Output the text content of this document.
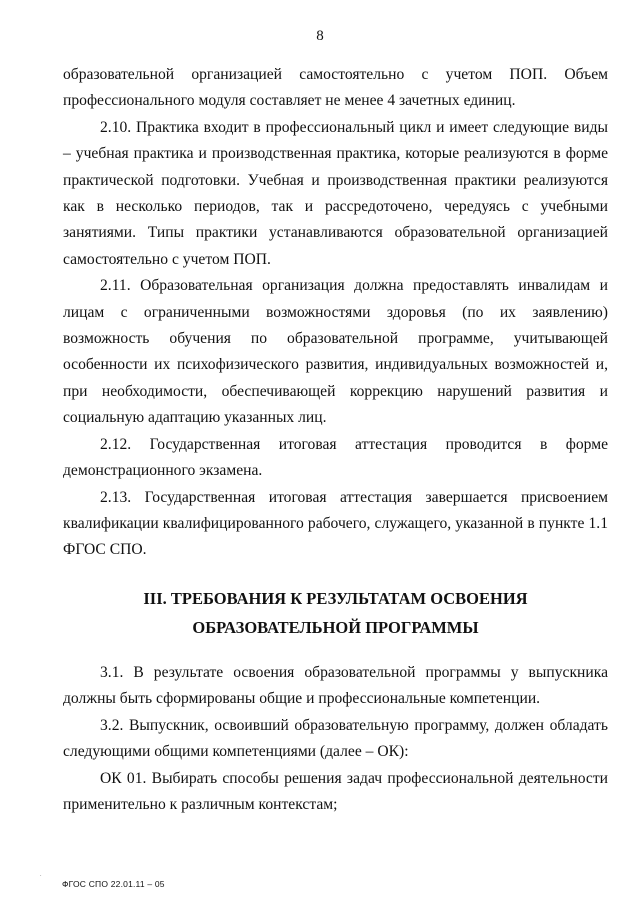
8

образовательной организацией самостоятельно с учетом ПОП. Объем профессионального модуля составляет не менее 4 зачетных единиц.

2.10. Практика входит в профессиональный цикл и имеет следующие виды – учебная практика и производственная практика, которые реализуются в форме практической подготовки. Учебная и производственная практики реализуются как в несколько периодов, так и рассредоточено, чередуясь с учебными занятиями. Типы практики устанавливаются образовательной организацией самостоятельно с учетом ПОП.

2.11. Образовательная организация должна предоставлять инвалидам и лицам с ограниченными возможностями здоровья (по их заявлению) возможность обучения по образовательной программе, учитывающей особенности их психофизического развития, индивидуальных возможностей и, при необходимости, обеспечивающей коррекцию нарушений развития и социальную адаптацию указанных лиц.

2.12. Государственная итоговая аттестация проводится в форме демонстрационного экзамена.

2.13. Государственная итоговая аттестация завершается присвоением квалификации квалифицированного рабочего, служащего, указанной в пункте 1.1 ФГОС СПО.

III. ТРЕБОВАНИЯ К РЕЗУЛЬТАТАМ ОСВОЕНИЯ ОБРАЗОВАТЕЛЬНОЙ ПРОГРАММЫ

3.1. В результате освоения образовательной программы у выпускника должны быть сформированы общие и профессиональные компетенции.

3.2. Выпускник, освоивший образовательную программу, должен обладать следующими общими компетенциями (далее – ОК):

ОК 01. Выбирать способы решения задач профессиональной деятельности применительно к различным контекстам;

.
ФГОС СПО 22.01.11 – 05
